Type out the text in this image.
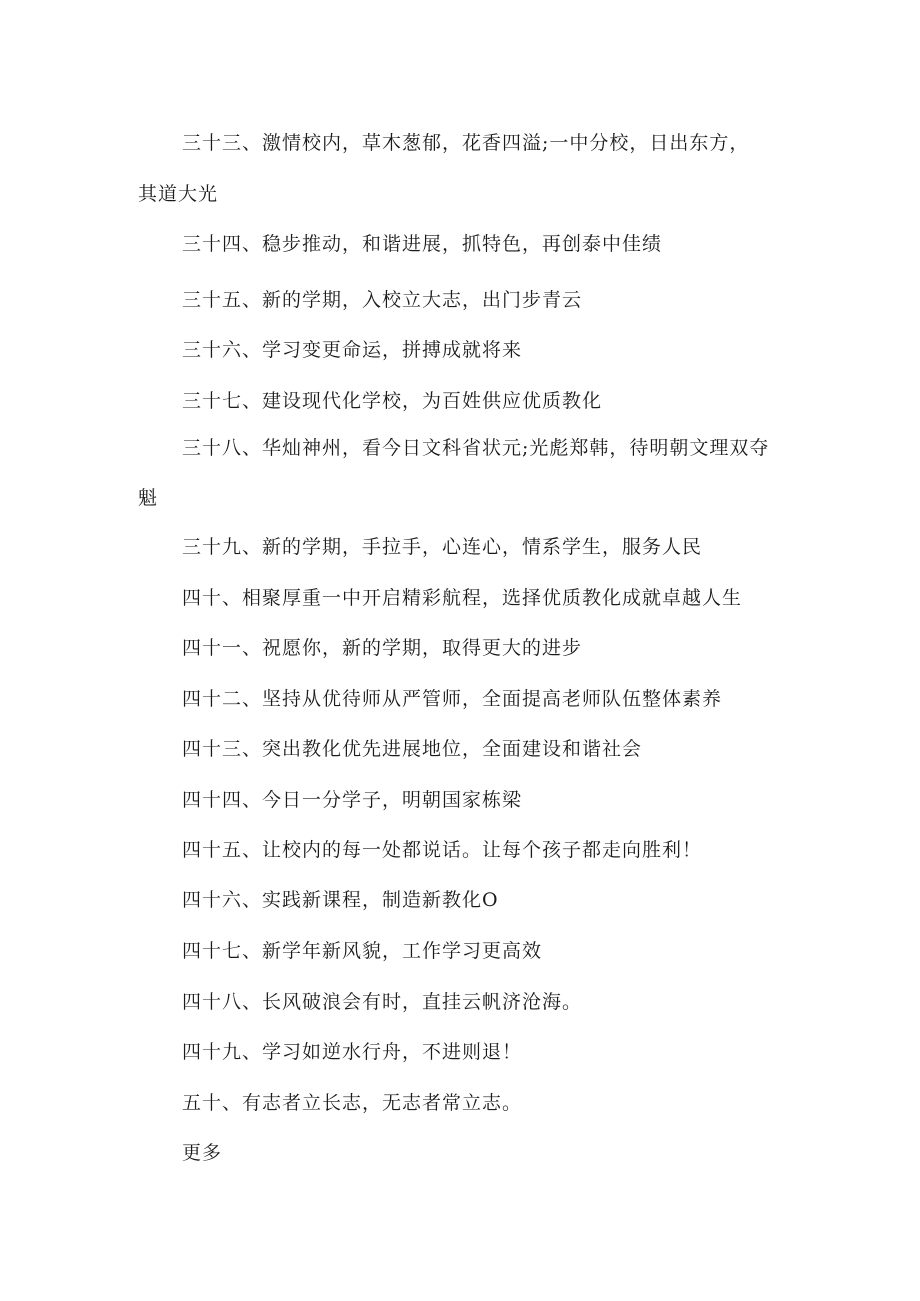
三十三、激情校内，草木葱郁，花香四溢;一中分校，日出东方，
其道大光
三十四、稳步推动，和谐进展，抓特色，再创泰中佳绩
三十五、新的学期，入校立大志，出门步青云
三十六、学习变更命运，拼搏成就将来
三十七、建设现代化学校，为百姓供应优质教化
三十八、华灿神州，看今日文科省状元;光彪郑韩，待明朝文理双夺
魁
三十九、新的学期，手拉手，心连心，情系学生，服务人民
四十、相聚厚重一中开启精彩航程，选择优质教化成就卓越人生
四十一、祝愿你，新的学期，取得更大的进步
四十二、坚持从优待师从严管师，全面提高老师队伍整体素养
四十三、突出教化优先进展地位，全面建设和谐社会
四十四、今日一分学子，明朝国家栋梁
四十五、让校内的每一处都说话。让每个孩子都走向胜利！
四十六、实践新课程，制造新教化O
四十七、新学年新风貌，工作学习更高效
四十八、长风破浪会有时，直挂云帆济沧海。
四十九、学习如逆水行舟，不进则退！
五十、有志者立长志，无志者常立志。
更多
